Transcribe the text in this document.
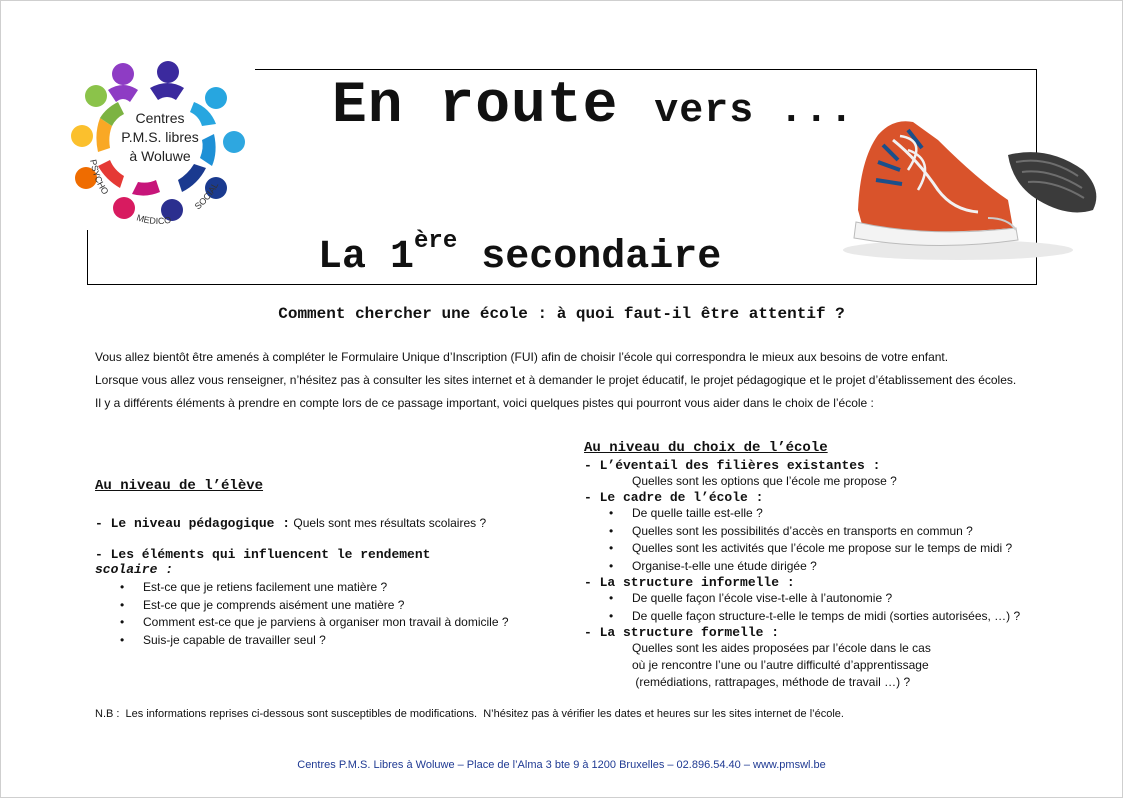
Centres
P.M.S. libres
à Woluwe
PSYCHO
MEDICO
SOCIAL
En route vers ...
La 1ère secondaire
Comment chercher une école : à quoi faut-il être attentif ?

Vous allez bientôt être amenés à compléter le Formulaire Unique d’Inscription (FUI) afin de choisir l’école qui correspondra le mieux aux besoins de votre enfant.

Lorsque vous allez vous renseigner, n’hésitez pas à consulter les sites internet et à demander le projet éducatif, le projet pédagogique et le projet d’établissement des écoles.

Il y a différents éléments à prendre en compte lors de ce passage important, voici quelques pistes qui pourront vous aider dans le choix de l’école :

Au niveau de l’élève
- Le niveau pédagogique : Quels sont mes résultats scolaires ?
- Les éléments qui influencent le rendement
scolaire :
• Est-ce que je retiens facilement une matière ?
• Est-ce que je comprends aisément une matière ?
• Comment est-ce que je parviens à organiser mon travail à domicile ?
• Suis-je capable de travailler seul ?
Au niveau du choix de l’école
- L’éventail des filières existantes :
Quelles sont les options que l’école me propose ?
- Le cadre de l’école :
• De quelle taille est-elle ?
• Quelles sont les possibilités d’accès en transports en commun ?
• Quelles sont les activités que l’école me propose sur le temps de midi ?
• Organise-t-elle une étude dirigée ?
- La structure informelle :
• De quelle façon l’école vise-t-elle à l’autonomie ?
• De quelle façon structure-t-elle le temps de midi (sorties autorisées, …) ?
- La structure formelle :
Quelles sont les aides proposées par l’école dans le cas
où je rencontre l’une ou l’autre difficulté d’apprentissage
(remédiations, rattrapages, méthode de travail …) ?
N.B :  Les informations reprises ci-dessous sont susceptibles de modifications.  N’hésitez pas à vérifier les dates et heures sur les sites internet de l’école.
Centres P.M.S. Libres à Woluwe – Place de l’Alma 3 bte 9 à 1200 Bruxelles – 02.896.54.40 – www.pmswl.be
